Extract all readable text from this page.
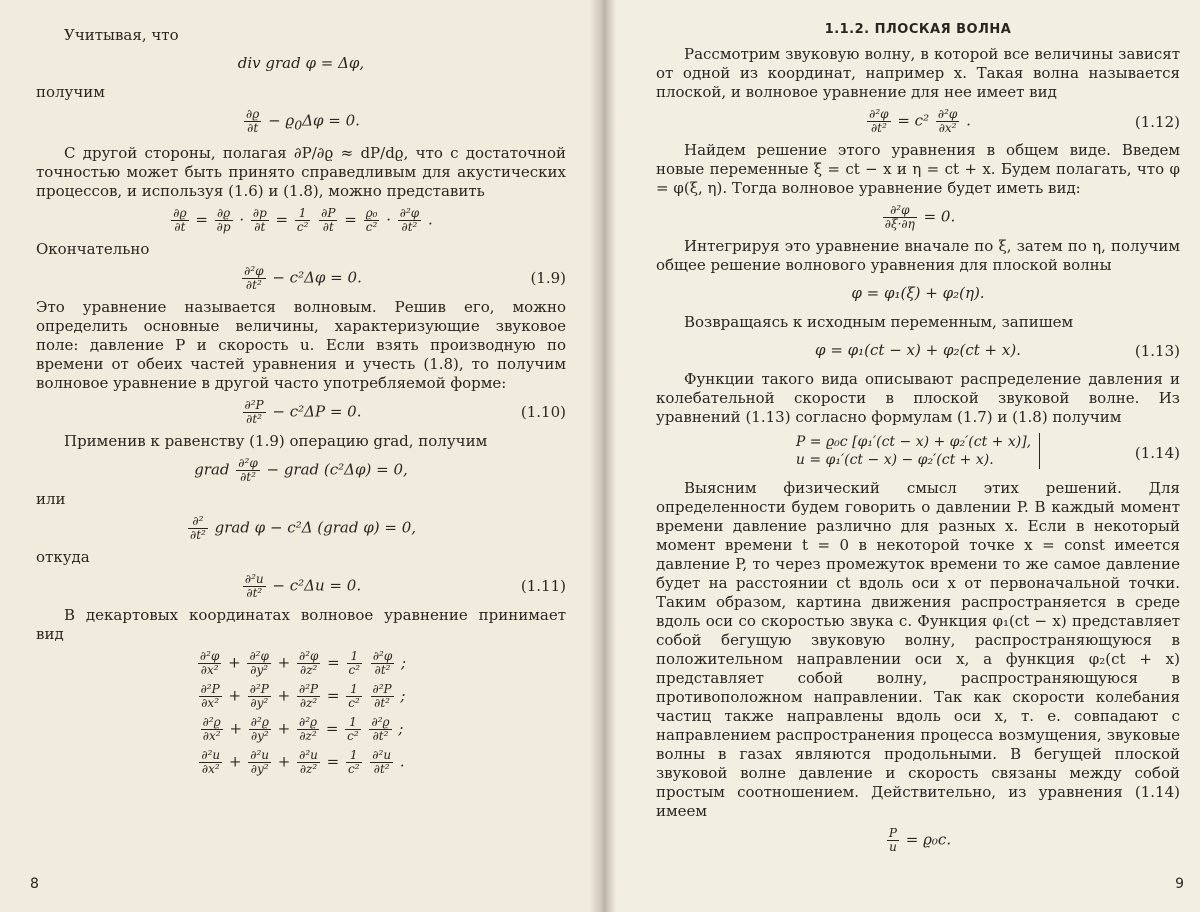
Учитывая, что

div grad φ = Δφ,

получим

$\frac{\partial ϱ}{\partial t} - ϱ_0\Delta\varphi = 0$.

С другой стороны, полагая ∂P/∂ϱ ≈ dP/dϱ, что с достаточной точностью может быть принято справедливым для акустических процессов, и используя (1.6) и (1.8), можно представить

$\frac{\partial ϱ}{\partial t} = \frac{\partial ϱ}{\partial p} \cdot \frac{\partial p}{\partial t} = \frac{1}{\text{c²}}$
$\frac{\partial P}{\partial t} = \frac{\text{ϱ₀}}{\text{c²}} \cdot \frac{\text{∂²φ}}{\text{∂t²}}$ .

Окончательно

$\frac{\text{∂²φ}}{\text{∂t²}} - c^2\Delta\varphi = 0$.	(1.9)

Это уравнение называется волновым. Решив его, можно определить основные величины, характеризующие звуковое поле: давление P и скорость u. Если взять производную по времени от обеих частей уравнения и учесть (1.8), то получим волновое уравнение в другой часто употребляемой форме:

$\frac{\text{∂²P}}{\text{∂t²}} - c^2\Delta P = 0$.	(1.10)

Применив к равенству (1.9) операцию grad, получим

grad $\frac{\text{∂²φ}}{\text{∂t²}}$ − grad (c²Δφ) = 0,

или

∂²
∂t² grad φ − c²Δ (grad φ) = 0,

откуда

$\frac{\text{∂²u}}{\text{∂t²}} - c^2\Delta u = 0$.	(1.11)

В декартовых координатах волновое уравнение принимает вид

$\frac{\text{∂²φ}}{\text{∂x²}} + \frac{\text{∂²φ}}{\text{∂y²}} + \frac{\text{∂²φ}}{\text{∂z²}} = \frac{1}{\text{c²}}$
$\frac{\text{∂²φ}}{\text{∂t²}}$ ;
$\frac{\text{∂²P}}{\text{∂x²}} + \frac{\text{∂²P}}{\text{∂y²}} + \frac{\text{∂²P}}{\text{∂z²}} = \frac{1}{\text{c²}}$
$\frac{\text{∂²P}}{\text{∂t²}}$ ;
$\frac{\text{∂²ϱ}}{\text{∂x²}} + \frac{\text{∂²ϱ}}{\text{∂y²}} + \frac{\text{∂²ϱ}}{\text{∂z²}} = \frac{1}{\text{c²}}$
$\frac{\text{∂²ϱ}}{\text{∂t²}}$ ;
$\frac{\text{∂²u}}{\text{∂x²}} + \frac{\text{∂²u}}{\text{∂y²}} + \frac{\text{∂²u}}{\text{∂z²}} = \frac{1}{\text{c²}}$
$\frac{\text{∂²u}}{\text{∂t²}}$ .
8
1.1.2. ПЛОСКАЯ ВОЛНА

Рассмотрим звуковую волну, в которой все величины зависят от одной из координат, например x. Такая волна называется плоской, и волновое уравнение для нее имеет вид

$\frac{\text{∂²φ}}{\text{∂t²}} = c^2 \frac{\text{∂²φ}}{\text{∂x²}}$ .	(1.12)

Найдем решение этого уравнения в общем виде. Введем новые переменные ξ = ct − x и η = ct + x. Будем полагать, что φ = φ(ξ, η). Тогда волновое уравнение будет иметь вид:

$\frac{\text{∂²φ}}{\partial\xi\cdot\partial\eta} = 0$.

Интегрируя это уравнение вначале по ξ, затем по η, получим общее решение волнового уравнения для плоской волны

φ = φ₁(ξ) + φ₂(η).

Возвращаясь к исходным переменным, запишем

φ = φ₁(ct − x) + φ₂(ct + x).	(1.13)

Функции такого вида описывают распределение давления и колебательной скорости в плоской звуковой волне. Из уравнений (1.13) согласно формулам (1.7) и (1.8) получим

P = ϱ₀c [φ₁′(ct − x) + φ₂′(ct + x)],
u = φ₁′(ct − x) − φ₂′(ct + x).	(1.14)

Выясним физический смысл этих решений. Для определенности будем говорить о давлении P. В каждый момент времени давление различно для разных x. Если в некоторый момент времени t = 0 в некоторой точке x = const имеется давление P, то через промежуток времени то же самое давление будет на расстоянии ct вдоль оси x от первоначальной точки. Таким образом, картина движения распространяется в среде вдоль оси со скоростью звука c. Функция φ₁(ct − x) представляет собой бегущую звуковую волну, распространяющуюся в положительном направлении оси x, а функция φ₂(ct + x) представляет собой волну, распространяющуюся в противоположном направлении. Так как скорости колебания частиц также направлены вдоль оси x, т. е. совпадают с направлением распространения процесса возмущения, звуковые волны в газах являются продольными. В бегущей плоской звуковой волне давление и скорость связаны между собой простым соотношением. Действительно, из уравнения (1.14) имеем

$\frac{P}{u} = ϱ_0c$.
9
